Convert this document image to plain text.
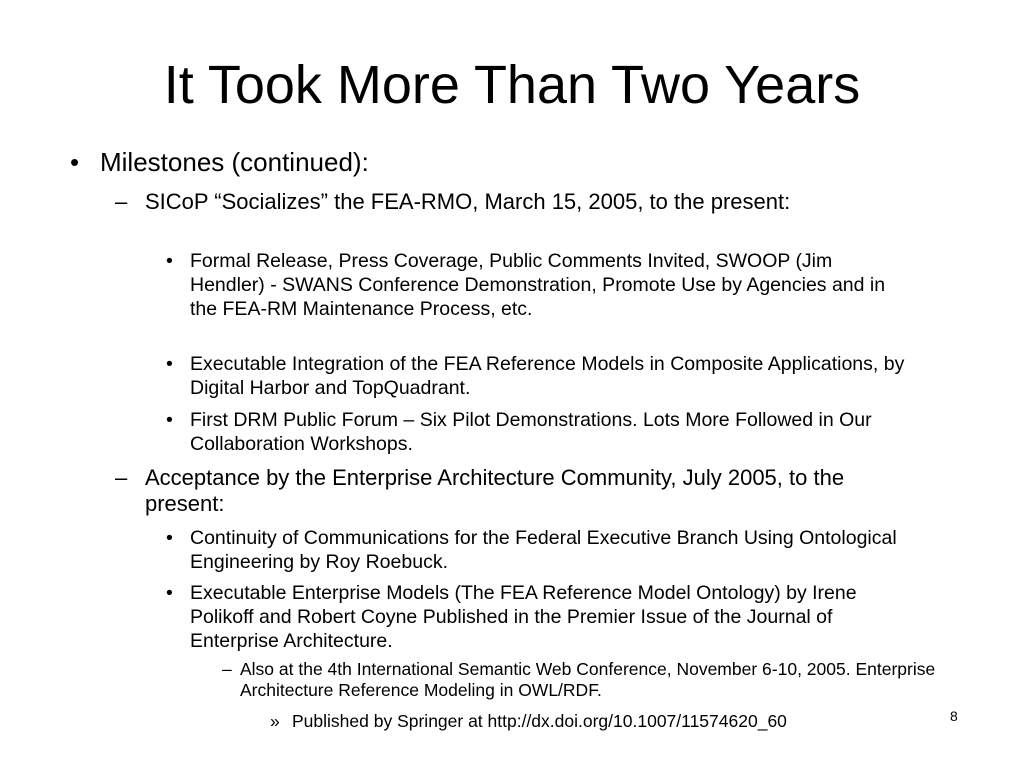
It Took More Than Two Years
• Milestones (continued):
– SICoP “Socializes” the FEA-RMO, March 15, 2005, to the present:
• Formal Release, Press Coverage, Public Comments Invited, SWOOP (Jim Hendler) - SWANS Conference Demonstration, Promote Use by Agencies and in the FEA-RM Maintenance Process, etc.
• Executable Integration of the FEA Reference Models in Composite Applications, by Digital Harbor and TopQuadrant.
• First DRM Public Forum – Six Pilot Demonstrations. Lots More Followed in Our Collaboration Workshops.
– Acceptance by the Enterprise Architecture Community, July 2005, to the present:
• Continuity of Communications for the Federal Executive Branch Using Ontological Engineering by Roy Roebuck.
• Executable Enterprise Models (The FEA Reference Model Ontology) by Irene Polikoff and Robert Coyne Published in the Premier Issue of the Journal of Enterprise Architecture.
– Also at the 4th International Semantic Web Conference, November 6-10, 2005. Enterprise Architecture Reference Modeling in OWL/RDF.
» Published by Springer at http://dx.doi.org/10.1007/11574620_60	8
